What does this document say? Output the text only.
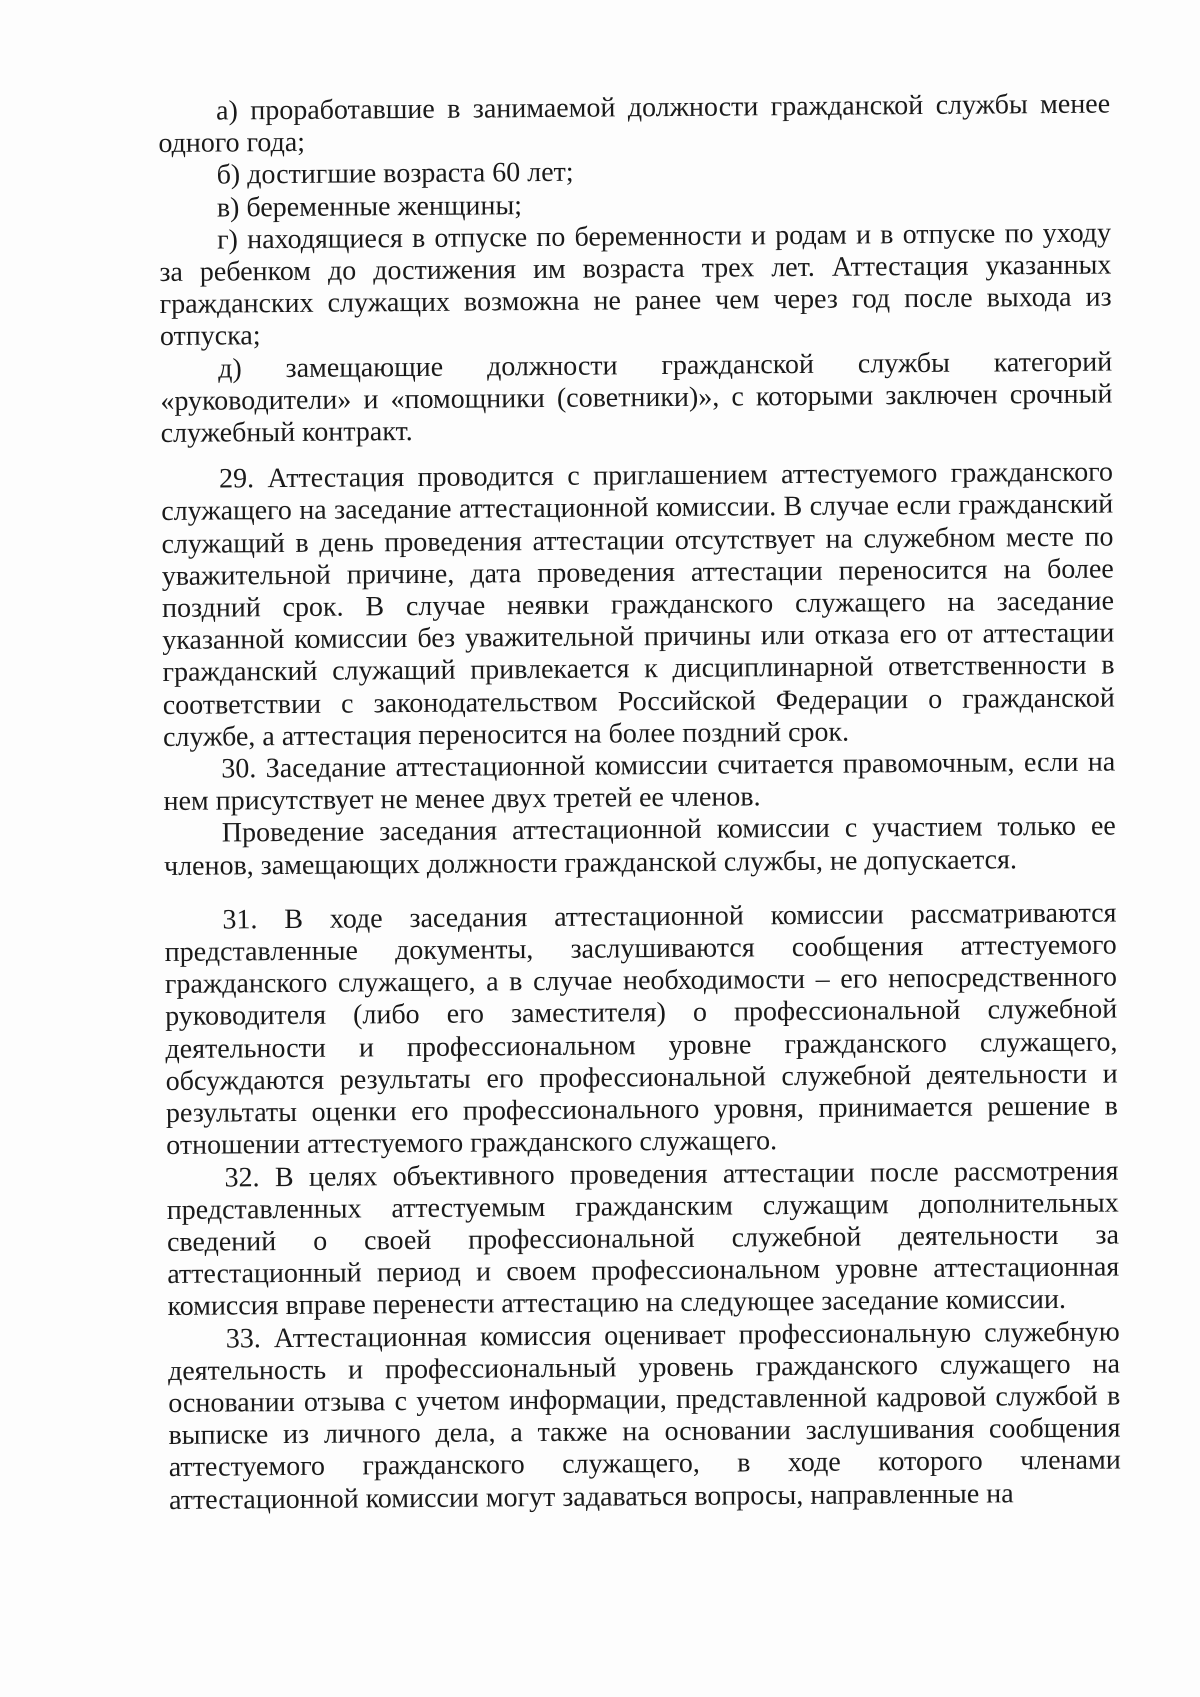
а) проработавшие в занимаемой должности гражданской службы менее одного года;

б) достигшие возраста 60 лет;

в) беременные женщины;

г) находящиеся в отпуске по беременности и родам и в отпуске по уходу за ребенком до достижения им возраста трех лет. Аттестация указанных гражданских служащих возможна не ранее чем через год после выхода из отпуска;

д) замещающие должности гражданской службы категорий «руководители» и «помощники (советники)», с которыми заключен срочный служебный контракт.

29. Аттестация проводится с приглашением аттестуемого гражданского служащего на заседание аттестационной комиссии. В случае если гражданский служащий в день проведения аттестации отсутствует на служебном месте по уважительной причине, дата проведения аттестации переносится на более поздний срок. В случае неявки гражданского служащего на заседание указанной комиссии без уважительной причины или отказа его от аттестации гражданский служащий привлекается к дисциплинарной ответственности в соответствии с законодательством Российской Федерации о гражданской службе, а аттестация переносится на более поздний срок.

30. Заседание аттестационной комиссии считается правомочным, если на нем присутствует не менее двух третей ее членов.

Проведение заседания аттестационной комиссии с участием только ее членов, замещающих должности гражданской службы, не допускается.

31. В ходе заседания аттестационной комиссии рассматриваются представленные документы, заслушиваются сообщения аттестуемого гражданского служащего, а в случае необходимости – его непосредственного руководителя (либо его заместителя) о профессиональной служебной деятельности и профессиональном уровне гражданского служащего, обсуждаются результаты его профессиональной служебной деятельности и результаты оценки его профессионального уровня, принимается решение в отношении аттестуемого гражданского служащего.

32. В целях объективного проведения аттестации после рассмотрения представленных аттестуемым гражданским служащим дополнительных сведений о своей профессиональной служебной деятельности за аттестационный период и своем профессиональном уровне аттестационная комиссия вправе перенести аттестацию на следующее заседание комиссии.

33. Аттестационная комиссия оценивает профессиональную служебную деятельность и профессиональный уровень гражданского служащего на основании отзыва с учетом информации, представленной кадровой службой в выписке из личного дела, а также на основании заслушивания сообщения аттестуемого гражданского служащего, в ходе которого членами аттестационной комиссии могут задаваться вопросы, направленные на
